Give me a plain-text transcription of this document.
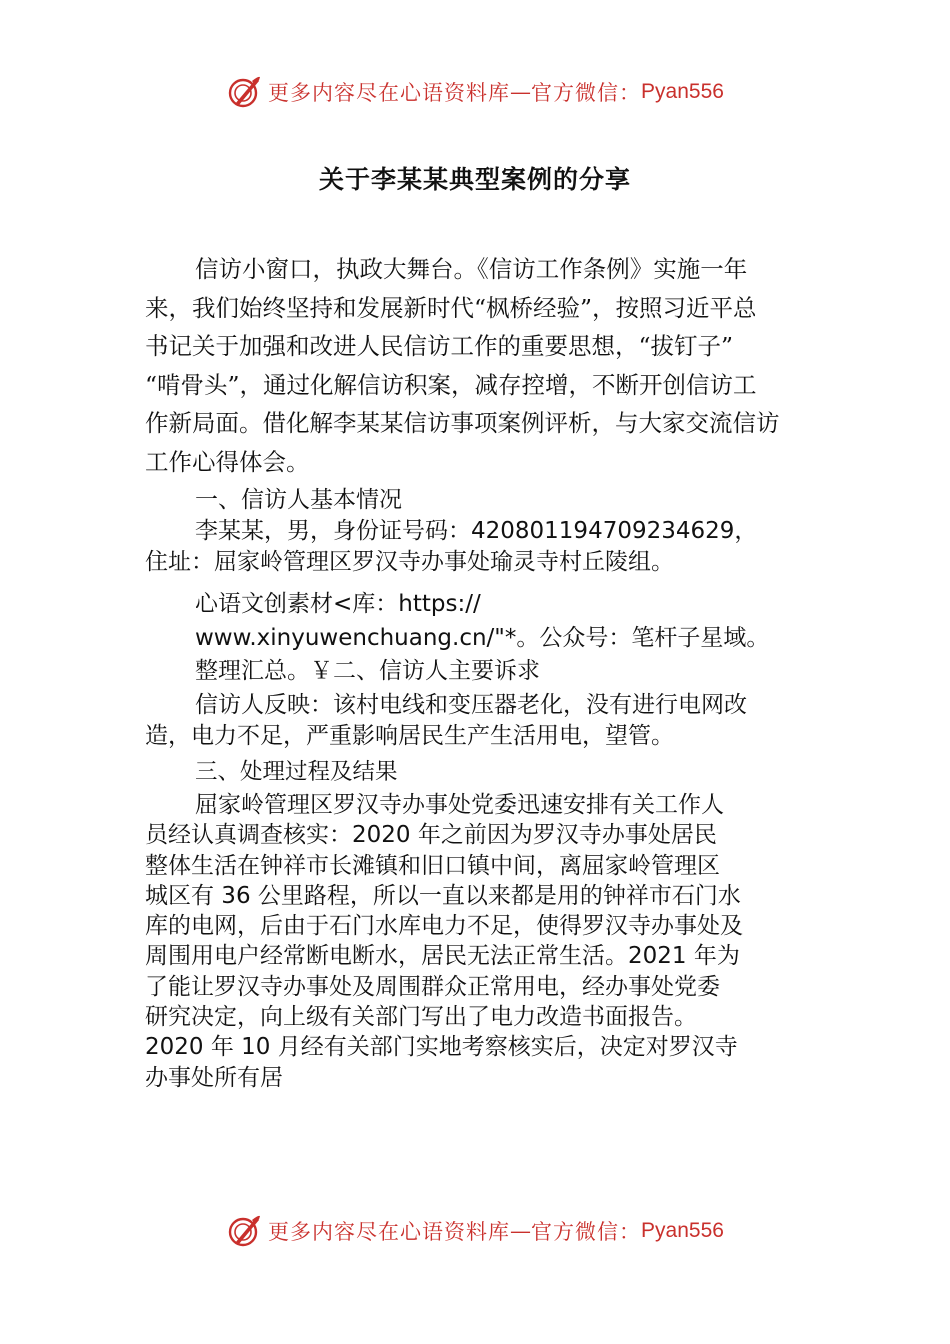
更多内容尽在心语资料库 — 官方微信： Pyan556
关于李某某典型案例的分享
信访小窗口，执政大舞台。《信访工作条例》实施一年
来，我们始终坚持和发展新时代“枫桥经验”，按照习近平总
书记关于加强和改进人民信访工作的重要思想，“拔钉子”
“啃骨头”，通过化解信访积案，减存控增，不断开创信访工
作新局面。借化解李某某信访事项案例评析，与大家交流信访
工作心得体会。
一、信访人基本情况
李某某，男，身份证号码：420801194709234629，
住址：屈家岭管理区罗汉寺办事处瑜灵寺村丘陵组。
心语文创素材<库：https://
www.xinyuwenchuang.cn/"*。公众号：笔杆子星域。
整理汇总。￥二、信访人主要诉求
信访人反映：该村电线和变压器老化，没有进行电网改
造，电力不足，严重影响居民生产生活用电，望管。
三、处理过程及结果
屈家岭管理区罗汉寺办事处党委迅速安排有关工作人
员经认真调查核实：2020 年之前因为罗汉寺办事处居民
整体生活在钟祥市长滩镇和旧口镇中间，离屈家岭管理区
城区有 36 公里路程，所以一直以来都是用的钟祥市石门水
库的电网，后由于石门水库电力不足，使得罗汉寺办事处及
周围用电户经常断电断水，居民无法正常生活。2021 年为
了能让罗汉寺办事处及周围群众正常用电，经办事处党委
研究决定，向上级有关部门写出了电力改造书面报告。
2020 年 10 月经有关部门实地考察核实后，决定对罗汉寺
办事处所有居
更多内容尽在心语资料库 — 官方微信： Pyan556
